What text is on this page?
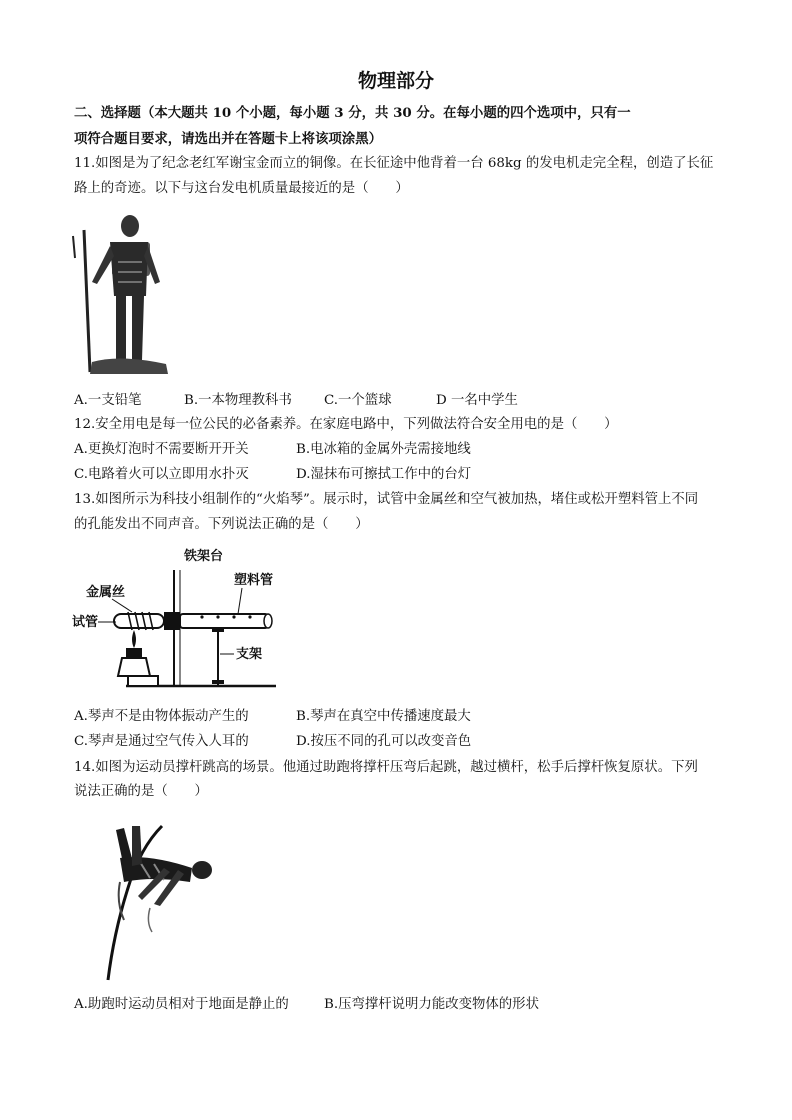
物理部分
二、选择题（本大题共 10 个小题，每小题 3 分，共 30 分。在每小题的四个选项中，只有一
项符合题目要求，请选出并在答题卡上将该项涂黑）
11.如图是为了纪念老红军谢宝金而立的铜像。在长征途中他背着一台 68kg 的发电机走完全程，创造了长征
路上的奇迹。以下与这台发电机质量最接近的是（　　）
A.一支铅笔	B.一本物理教科书 C.一个篮球	D 一名中学生
12.安全用电是每一位公民的必备素养。在家庭电路中，下列做法符合安全用电的是（　　）
A.更换灯泡时不需要断开开关	B.电冰箱的金属外壳需接地线
C.电路着火可以立即用水扑灭	D.湿抹布可擦拭工作中的台灯
13.如图所示为科技小组制作的“火焰琴”。展示时，试管中金属丝和空气被加热，堵住或松开塑料管上不同
的孔能发出不同声音。下列说法正确的是（　　）
铁架台
金属丝
塑料管
试管
支架
A.琴声不是由物体振动产生的	B.琴声在真空中传播速度最大
C.琴声是通过空气传入人耳的	D.按压不同的孔可以改变音色
14.如图为运动员撑杆跳高的场景。他通过助跑将撑杆压弯后起跳，越过横杆，松手后撑杆恢复原状。下列
说法正确的是（　　）
A.助跑时运动员相对于地面是静止的	B.压弯撑杆说明力能改变物体的形状
